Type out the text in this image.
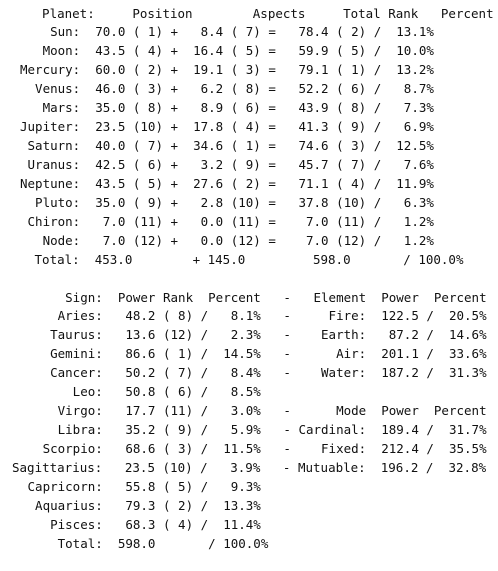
Planet:     Position        Aspects     Total Rank   Percent
Sun:  70.0 ( 1) +   8.4 ( 7) =   78.4 ( 2) /  13.1%
Moon:  43.5 ( 4) +  16.4 ( 5) =   59.9 ( 5) /  10.0%
Mercury:  60.0 ( 2) +  19.1 ( 3) =   79.1 ( 1) /  13.2%
Venus:  46.0 ( 3) +   6.2 ( 8) =   52.2 ( 6) /   8.7%
Mars:  35.0 ( 8) +   8.9 ( 6) =   43.9 ( 8) /   7.3%
Jupiter:  23.5 (10) +  17.8 ( 4) =   41.3 ( 9) /   6.9%
Saturn:  40.0 ( 7) +  34.6 ( 1) =   74.6 ( 3) /  12.5%
Uranus:  42.5 ( 6) +   3.2 ( 9) =   45.7 ( 7) /   7.6%
Neptune:  43.5 ( 5) +  27.6 ( 2) =   71.1 ( 4) /  11.9%
Pluto:  35.0 ( 9) +   2.8 (10) =   37.8 (10) /   6.3%
Chiron:   7.0 (11) +   0.0 (11) =    7.0 (11) /   1.2%
Node:   7.0 (12) +   0.0 (12) =    7.0 (12) /   1.2%
Total:  453.0        + 145.0         598.0       / 100.0%
Sign:  Power Rank  Percent   -   Element  Power  Percent
Aries:   48.2 ( 8) /   8.1%   -     Fire:  122.5 /  20.5%
Taurus:   13.6 (12) /   2.3%   -    Earth:   87.2 /  14.6%
Gemini:   86.6 ( 1) /  14.5%   -      Air:  201.1 /  33.6%
Cancer:   50.2 ( 7) /   8.4%   -    Water:  187.2 /  31.3%
Leo:   50.8 ( 6) /   8.5%
Virgo:   17.7 (11) /   3.0%   -      Mode  Power  Percent
Libra:   35.2 ( 9) /   5.9%   - Cardinal:  189.4 /  31.7%
Scorpio:   68.6 ( 3) /  11.5%   -    Fixed:  212.4 /  35.5%
Sagittarius:   23.5 (10) /   3.9%   - Mutuable:  196.2 /  32.8%
Capricorn:   55.8 ( 5) /   9.3%
Aquarius:   79.3 ( 2) /  13.3%
Pisces:   68.3 ( 4) /  11.4%
Total:  598.0       / 100.0%
